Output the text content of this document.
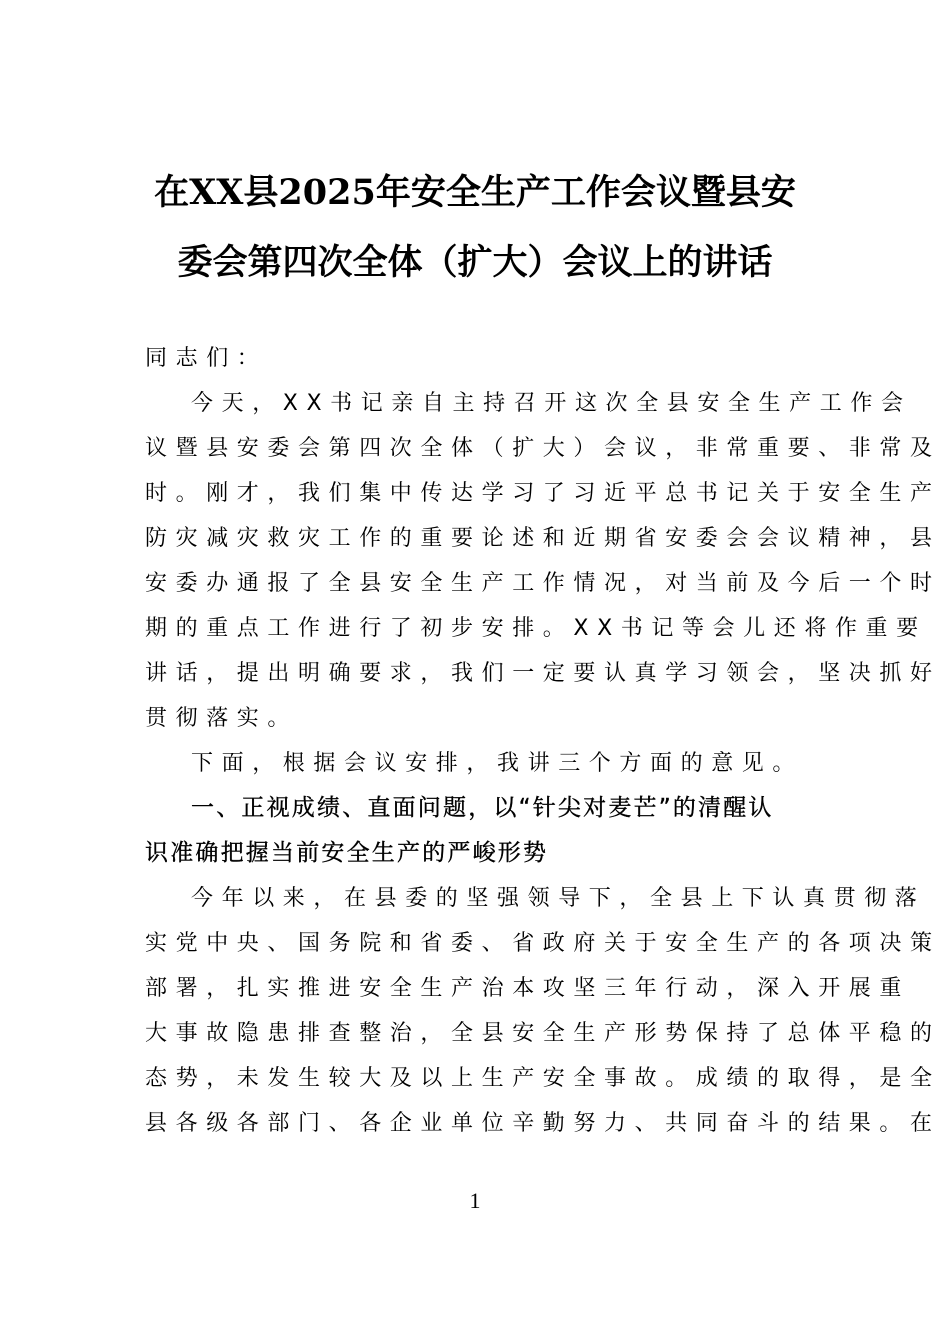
在XX县2025年安全生产工作会议暨县安
委会第四次全体（扩大）会议上的讲话
同志们：
今天，XX书记亲自主持召开这次全县安全生产工作会
议暨县安委会第四次全体（扩大）会议，非常重要、非常及
时。刚才，我们集中传达学习了习近平总书记关于安全生产
防灾减灾救灾工作的重要论述和近期省安委会会议精神，县
安委办通报了全县安全生产工作情况，对当前及今后一个时
期的重点工作进行了初步安排。XX书记等会儿还将作重要
讲话，提出明确要求，我们一定要认真学习领会，坚决抓好
贯彻落实。
下面，根据会议安排，我讲三个方面的意见。
一、正视成绩、直面问题，以“针尖对麦芒”的清醒认
识准确把握当前安全生产的严峻形势
今年以来，在县委的坚强领导下，全县上下认真贯彻落
实党中央、国务院和省委、省政府关于安全生产的各项决策
部署，扎实推进安全生产治本攻坚三年行动，深入开展重
大事故隐患排查整治，全县安全生产形势保持了总体平稳的
态势，未发生较大及以上生产安全事故。成绩的取得，是全
县各级各部门、各企业单位辛勤努力、共同奋斗的结果。在
1
